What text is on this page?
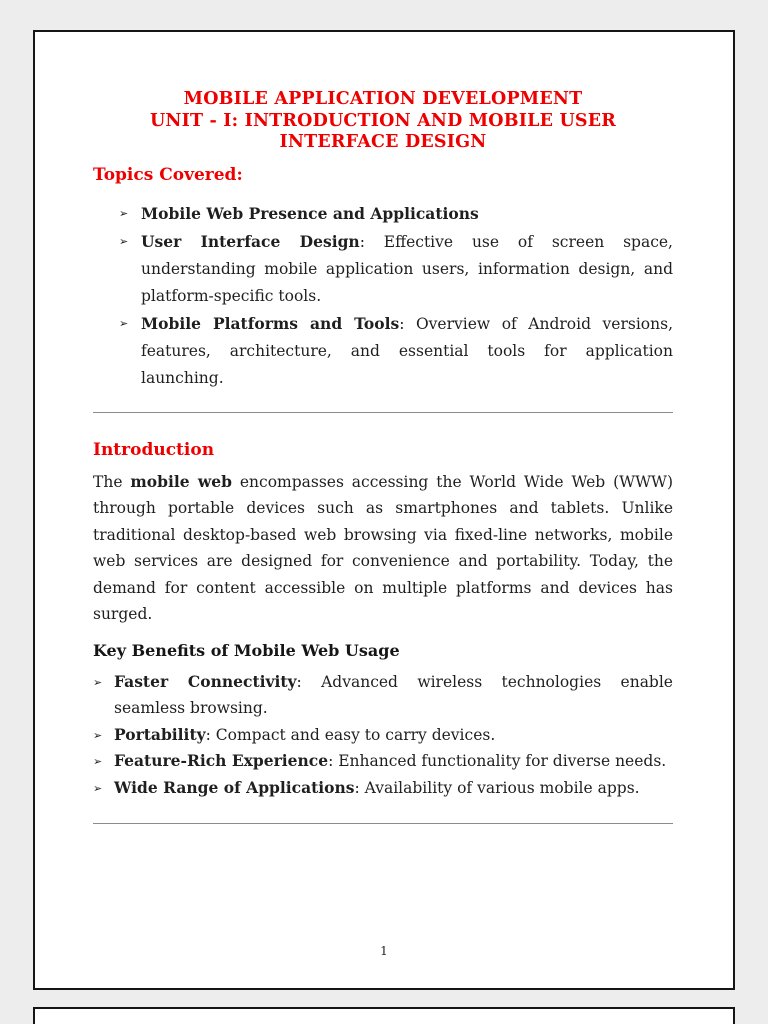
MOBILE APPLICATION DEVELOPMENT
UNIT - I: INTRODUCTION AND MOBILE USER
INTERFACE DESIGN
Topics Covered:
➢ Mobile Web Presence and Applications

➢ User Interface Design: Effective use of screen space, understanding mobile application users, information design, and platform-specific tools.

➢ Mobile Platforms and Tools: Overview of Android versions, features, architecture, and essential tools for application launching.

Introduction

The mobile web encompasses accessing the World Wide Web (WWW) through portable devices such as smartphones and tablets. Unlike traditional desktop-based web browsing via fixed-line networks, mobile web services are designed for convenience and portability. Today, the demand for content accessible on multiple platforms and devices has surged.

Key Benefits of Mobile Web Usage
➢ Faster Connectivity: Advanced wireless technologies enable seamless browsing.

➢ Portability: Compact and easy to carry devices.

➢ Feature-Rich Experience: Enhanced functionality for diverse needs.

➢ Wide Range of Applications: Availability of various mobile apps.

1
